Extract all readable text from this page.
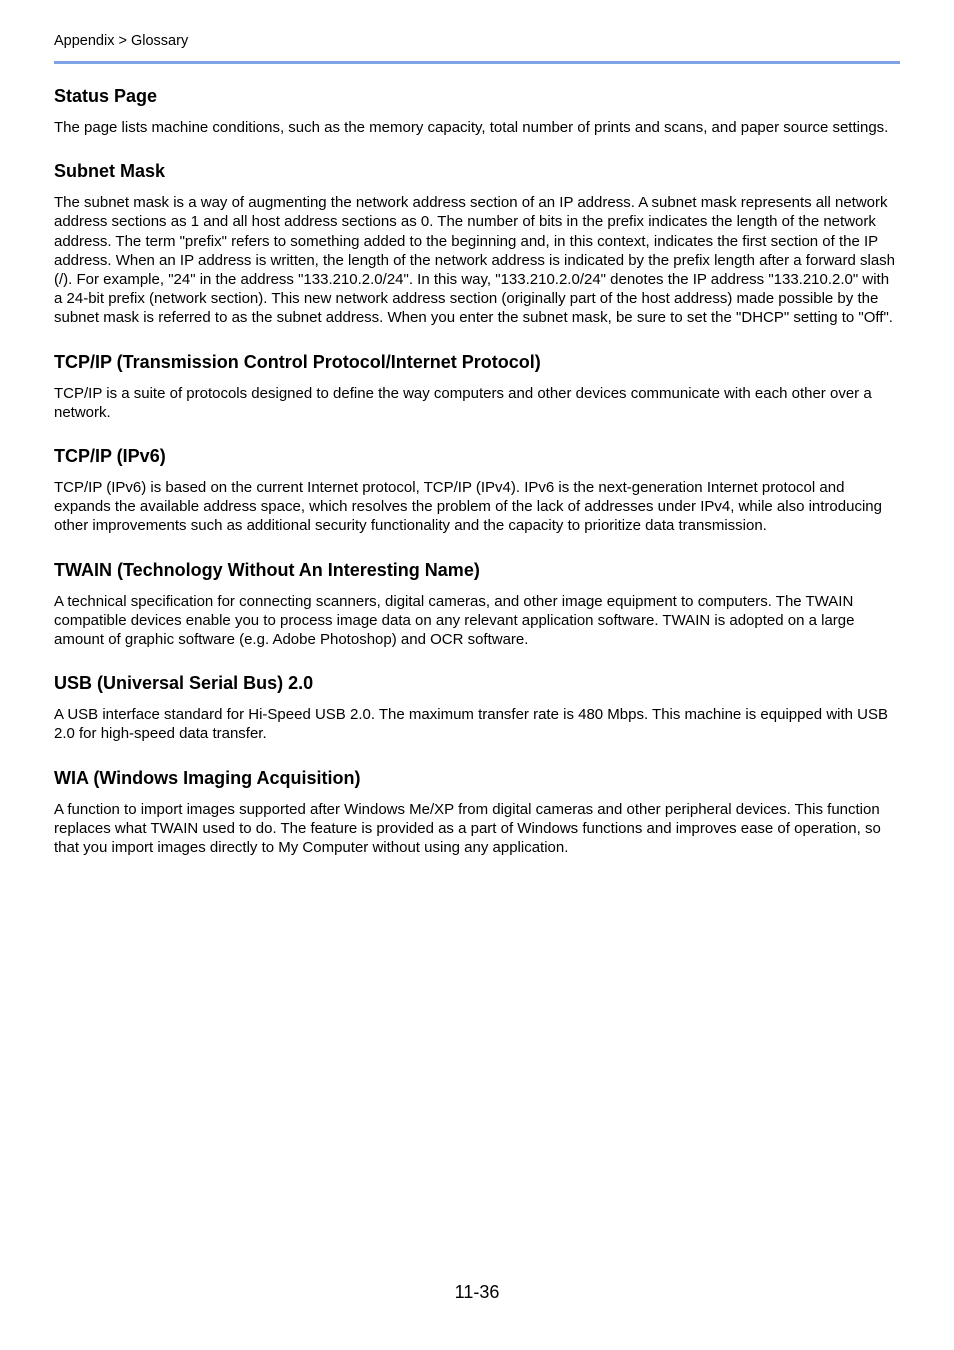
Appendix > Glossary
Status Page

The page lists machine conditions, such as the memory capacity, total number of prints and scans, and paper source settings.

Subnet Mask

The subnet mask is a way of augmenting the network address section of an IP address. A subnet mask represents all network address sections as 1 and all host address sections as 0. The number of bits in the prefix indicates the length of the network address. The term "prefix" refers to something added to the beginning and, in this context, indicates the first section of the IP address. When an IP address is written, the length of the network address is indicated by the prefix length after a forward slash (/). For example, "24" in the address "133.210.2.0/24". In this way, "133.210.2.0/24" denotes the IP address "133.210.2.0" with a 24-bit prefix (network section). This new network address section (originally part of the host address) made possible by the subnet mask is referred to as the subnet address. When you enter the subnet mask, be sure to set the "DHCP" setting to "Off".

TCP/IP (Transmission Control Protocol/Internet Protocol)

TCP/IP is a suite of protocols designed to define the way computers and other devices communicate with each other over a network.

TCP/IP (IPv6)

TCP/IP (IPv6) is based on the current Internet protocol, TCP/IP (IPv4). IPv6 is the next-generation Internet protocol and expands the available address space, which resolves the problem of the lack of addresses under IPv4, while also introducing other improvements such as additional security functionality and the capacity to prioritize data transmission.

TWAIN (Technology Without An Interesting Name)

A technical specification for connecting scanners, digital cameras, and other image equipment to computers. The TWAIN compatible devices enable you to process image data on any relevant application software. TWAIN is adopted on a large amount of graphic software (e.g. Adobe Photoshop) and OCR software.

USB (Universal Serial Bus) 2.0

A USB interface standard for Hi-Speed USB 2.0. The maximum transfer rate is 480 Mbps. This machine is equipped with USB 2.0 for high-speed data transfer.

WIA (Windows Imaging Acquisition)

A function to import images supported after Windows Me/XP from digital cameras and other peripheral devices. This function replaces what TWAIN used to do. The feature is provided as a part of Windows functions and improves ease of operation, so that you import images directly to My Computer without using any application.

11-36
